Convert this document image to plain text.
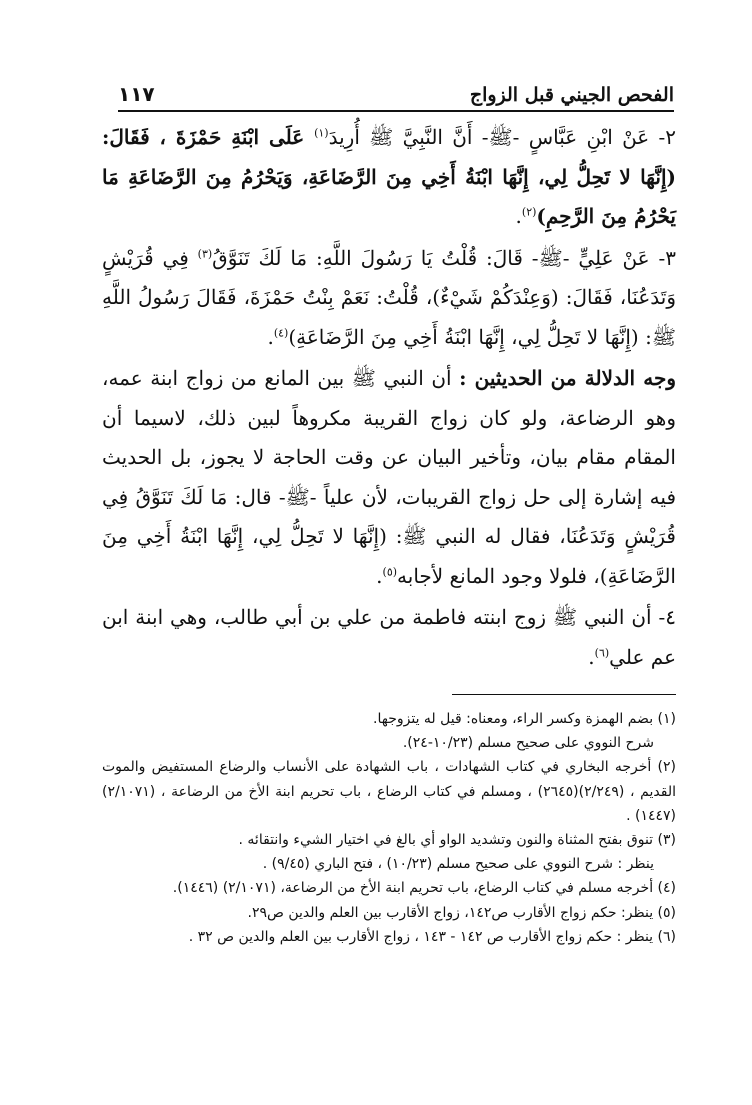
الفحص الجيني قبل الزواج
١١٧

٢- عَنْ ابْنِ عَبَّاسٍ -ﷺ- أَنَّ النَّبِيَّ ﷺ أُرِيدَ$^{(١)}$ عَلَى ابْنَةِ حَمْزَةَ ، فَقَالَ: (إِنَّهَا لا تَحِلُّ لِي، إِنَّهَا ابْنَةُ أَخِي مِنَ الرَّضَاعَةِ، وَيَحْرُمُ مِنَ الرَّضَاعَةِ مَا يَحْرُمُ مِنَ الرَّحِمِ)$^{(٢)}$.

٣- عَنْ عَلِيٍّ -ﷺ- قَالَ: قُلْتُ يَا رَسُولَ اللَّهِ: مَا لَكَ تَنَوَّقُ$^{(٣)}$ فِي قُرَيْشٍ وَتَدَعُنَا، فَقَالَ: (وَعِنْدَكُمْ شَيْءٌ)، قُلْتُ: نَعَمْ بِنْتُ حَمْزَةَ، فَقَالَ رَسُولُ اللَّهِ ﷺ: (إِنَّهَا لا تَحِلُّ لِي، إِنَّهَا ابْنَةُ أَخِي مِنَ الرَّضَاعَةِ)$^{(٤)}$.

وجه الدلالة من الحديثين : أن النبي ﷺ بين المانع من زواج ابنة عمه، وهو الرضاعة، ولو كان زواج القريبة مكروهاً لبين ذلك، لاسيما أن المقام مقام بيان، وتأخير البيان عن وقت الحاجة لا يجوز، بل الحديث فيه إشارة إلى حل زواج القريبات، لأن علياً -ﷺ- قال: مَا لَكَ تَنَوَّقُ فِي قُرَيْشٍ وَتَدَعُنَا، فقال له النبي ﷺ: (إِنَّهَا لا تَحِلُّ لِي، إِنَّهَا ابْنَةُ أَخِي مِنَ الرَّضَاعَةِ)، فلولا وجود المانع لأجابه$^{(٥)}$.

٤- أن النبي ﷺ زوج ابنته فاطمة من علي بن أبي طالب، وهي ابنة ابن عم علي$^{(٦)}$.

(١) بضم الهمزة وكسر الراء، ومعناه: قيل له يتزوجها.

شرح النووي على صحيح مسلم (١٠/٢٣-٢٤).

(٢) أخرجه البخاري في كتاب الشهادات ، باب الشهادة على الأنساب والرضاع المستفيض والموت القديم ، (٢/٢٤٩)(٢٦٤٥) ، ومسلم في كتاب الرضاع ، باب تحريم ابنة الأخ من الرضاعة ، (٢/١٠٧١) (١٤٤٧) .

(٣) تنوق بفتح المثناة والنون وتشديد الواو أي بالغ في اختيار الشيء وانتقائه .

ينظر : شرح النووي على صحيح مسلم (١٠/٢٣) ، فتح الباري (٩/٤٥) .

(٤) أخرجه مسلم في كتاب الرضاع، باب تحريم ابنة الأخ من الرضاعة، (٢/١٠٧١) (١٤٤٦).

(٥) ينظر: حكم زواج الأقارب ص١٤٢، زواج الأقارب بين العلم والدين ص٢٩.

(٦) ينظر : حكم زواج الأقارب ص ١٤٢ - ١٤٣ ، زواج الأقارب بين العلم والدين ص ٣٢ .
